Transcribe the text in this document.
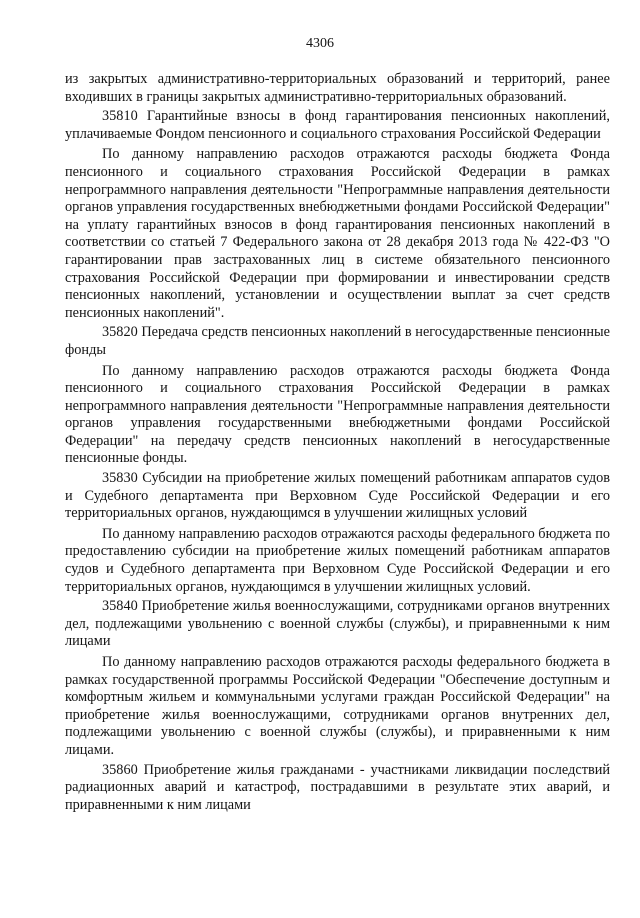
4306

из закрытых административно-территориальных образований и территорий, ранее входивших в границы закрытых административно-территориальных образований.

35810 Гарантийные взносы в фонд гарантирования пенсионных накоплений, уплачиваемые Фондом пенсионного и социального страхования Российской Федерации

По данному направлению расходов отражаются расходы бюджета Фонда пенсионного и социального страхования Российской Федерации в рамках непрограммного направления деятельности "Непрограммные направления деятельности органов управления государственных внебюджетными фондами Российской Федерации" на уплату гарантийных взносов в фонд гарантирования пенсионных накоплений в соответствии со статьей 7 Федерального закона от 28 декабря 2013 года № 422-ФЗ "О гарантировании прав застрахованных лиц в системе обязательного пенсионного страхования Российской Федерации при формировании и инвестировании средств пенсионных накоплений, установлении и осуществлении выплат за счет средств пенсионных накоплений".

35820 Передача средств пенсионных накоплений в негосударственные пенсионные фонды

По данному направлению расходов отражаются расходы бюджета Фонда пенсионного и социального страхования Российской Федерации в рамках непрограммного направления деятельности "Непрограммные направления деятельности органов управления государственными внебюджетными фондами Российской Федерации" на передачу средств пенсионных накоплений в негосударственные пенсионные фонды.

35830 Субсидии на приобретение жилых помещений работникам аппаратов судов и Судебного департамента при Верховном Суде Российской Федерации и его территориальных органов, нуждающимся в улучшении жилищных условий

По данному направлению расходов отражаются расходы федерального бюджета по предоставлению субсидии на приобретение жилых помещений работникам аппаратов судов и Судебного департамента при Верховном Суде Российской Федерации и его территориальных органов, нуждающимся в улучшении жилищных условий.

35840 Приобретение жилья военнослужащими, сотрудниками органов внутренних дел, подлежащими увольнению с военной службы (службы), и приравненными к ним лицами

По данному направлению расходов отражаются расходы федерального бюджета в рамках государственной программы Российской Федерации "Обеспечение доступным и комфортным жильем и коммунальными услугами граждан Российской Федерации" на приобретение жилья военнослужащими, сотрудниками органов внутренних дел, подлежащими увольнению с военной службы (службы), и приравненными к ним лицами.

35860 Приобретение жилья гражданами - участниками ликвидации последствий радиационных аварий и катастроф, пострадавшими в результате этих аварий, и приравненными к ним лицами
